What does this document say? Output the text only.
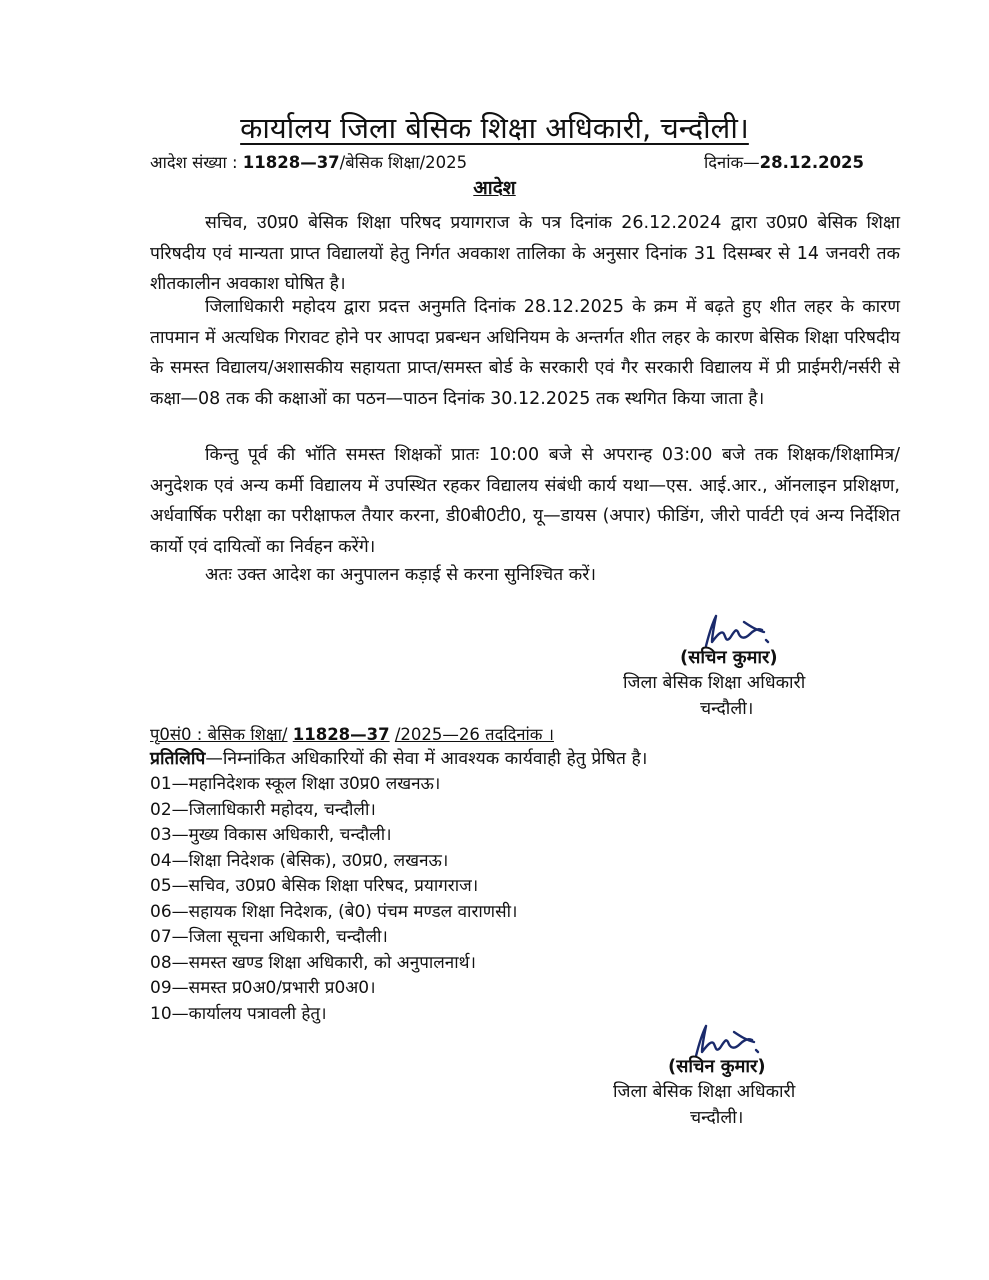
कार्यालय जिला बेसिक शिक्षा अधिकारी, चन्दौली।
आदेश संख्या : 11828—37/बेसिक शिक्षा/2025	दिनांक—28.12.2025
आदेश

सचिव, उ0प्र0 बेसिक शिक्षा परिषद प्रयागराज के पत्र दिनांक 26.12.2024 द्वारा उ0प्र0 बेसिक शिक्षा परिषदीय एवं मान्यता प्राप्त विद्यालयों हेतु निर्गत अवकाश तालिका के अनुसार दिनांक 31 दिसम्बर से 14 जनवरी तक शीतकालीन अवकाश घोषित है।

जिलाधिकारी महोदय द्वारा प्रदत्त अनुमति दिनांक 28.12.2025 के क्रम में बढ़ते हुए शीत लहर के कारण तापमान में अत्यधिक गिरावट होने पर आपदा प्रबन्धन अधिनियम के अन्तर्गत शीत लहर के कारण बेसिक शिक्षा परिषदीय के समस्त विद्यालय/अशासकीय सहायता प्राप्त/समस्त बोर्ड के सरकारी एवं गैर सरकारी विद्यालय में प्री प्राईमरी/नर्सरी से कक्षा—08 तक की कक्षाओं का पठन—पाठन दिनांक 30.12.2025 तक स्थगित किया जाता है।

किन्तु पूर्व की भॉति समस्त शिक्षकों प्रातः 10:00 बजे से अपरान्ह 03:00 बजे तक शिक्षक/शिक्षामित्र/अनुदेशक एवं अन्य कर्मी विद्यालय में उपस्थित रहकर विद्यालय संबंधी कार्य यथा—एस. आई.आर., ऑनलाइन प्रशिक्षण, अर्धवार्षिक परीक्षा का परीक्षाफल तैयार करना, डी0बी0टी0, यू—डायस (अपार) फीडिंग, जीरो पार्वटी एवं अन्य निर्देशित कार्यो एवं दायित्वों का निर्वहन करेंगे।

अतः उक्त आदेश का अनुपालन कड़ाई से करना सुनिश्चित करें।

(सचिन कुमार)
जिला बेसिक शिक्षा अधिकारी
चन्दौली।
पृ0सं0 : बेसिक शिक्षा/ 11828—37 /2025—26 तददिनांक ।
प्रतिलिपि—निम्नांकित अधिकारियों की सेवा में आवश्यक कार्यवाही हेतु प्रेषित है।
01—महानिदेशक स्कूल शिक्षा उ0प्र0 लखनऊ।
02—जिलाधिकारी महोदय, चन्दौली।
03—मुख्य विकास अधिकारी, चन्दौली।
04—शिक्षा निदेशक (बेसिक), उ0प्र0, लखनऊ।
05—सचिव, उ0प्र0 बेसिक शिक्षा परिषद, प्रयागराज।
06—सहायक शिक्षा निदेशक, (बे0) पंचम मण्डल वाराणसी।
07—जिला सूचना अधिकारी, चन्दौली।
08—समस्त खण्ड शिक्षा अधिकारी, को अनुपालनार्थ।
09—समस्त प्र0अ0/प्रभारी प्र0अ0।
10—कार्यालय पत्रावली हेतु।
(सचिन कुमार)
जिला बेसिक शिक्षा अधिकारी
चन्दौली।
